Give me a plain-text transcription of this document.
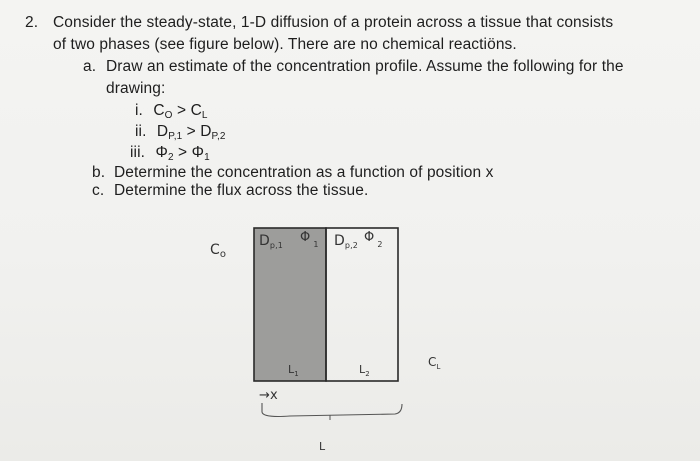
2. Consider the steady-state, 1-D diffusion of a protein across a tissue that consists
of two phases (see figure below). There are no chemical reactiöns.
a. Draw an estimate of the concentration profile. Assume the following for the
drawing:
i. $C_O > C_L$
ii. $D_{P,1} > D_{P,2}$
iii. $\Phi_2 > \Phi_1$
b. Determine the concentration as a function of position x
c. Determine the flux across the tissue.
$C_o$
$D_{p,1}$
Φ $_1$ $D_{p,2}$
Φ $_2$
$L_1$	$L_2$
$C_L$
→x
L
